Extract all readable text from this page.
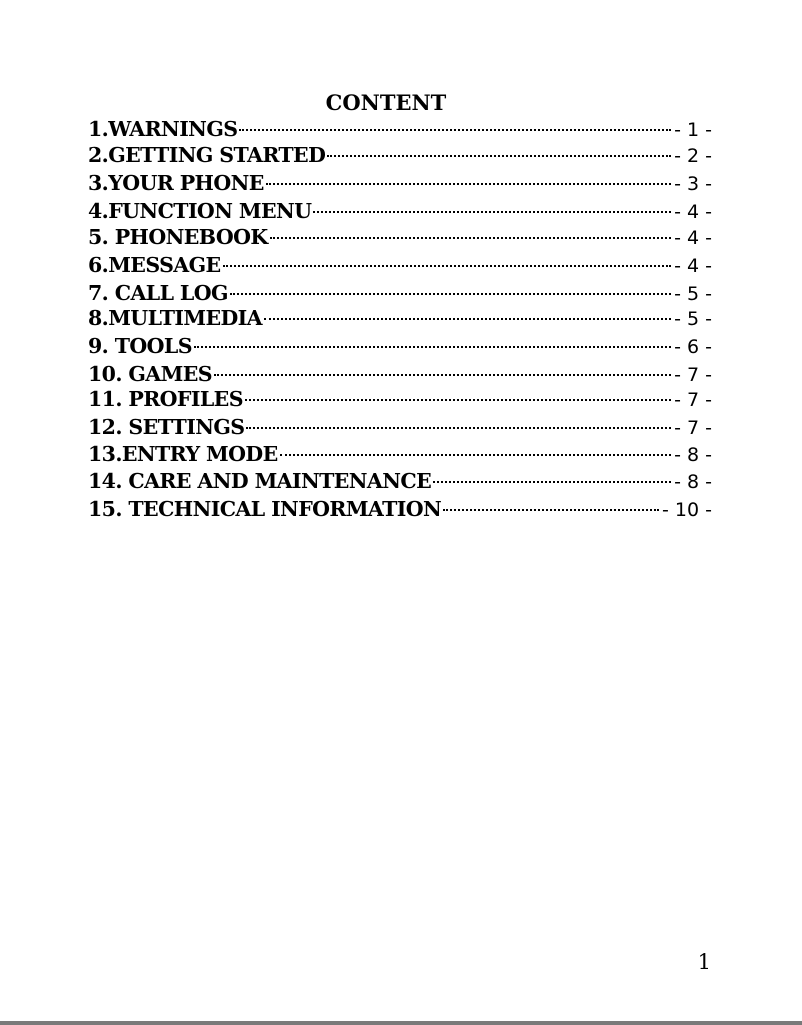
CONTENT
1.WARNINGS	- 1 -
2.GETTING STARTED	- 2 -
3.YOUR PHONE	- 3 -
4.FUNCTION MENU	- 4 -
5. PHONEBOOK	- 4 -
6.MESSAGE	- 4 -
7. CALL LOG	- 5 -
8.MULTIMEDIA	- 5 -
9. TOOLS	- 6 -
10. GAMES	- 7 -
11. PROFILES	- 7 -
12. SETTINGS	- 7 -
13.ENTRY MODE	- 8 -
14. CARE AND MAINTENANCE	- 8 -
15. TECHNICAL INFORMATION	- 10 -
1
